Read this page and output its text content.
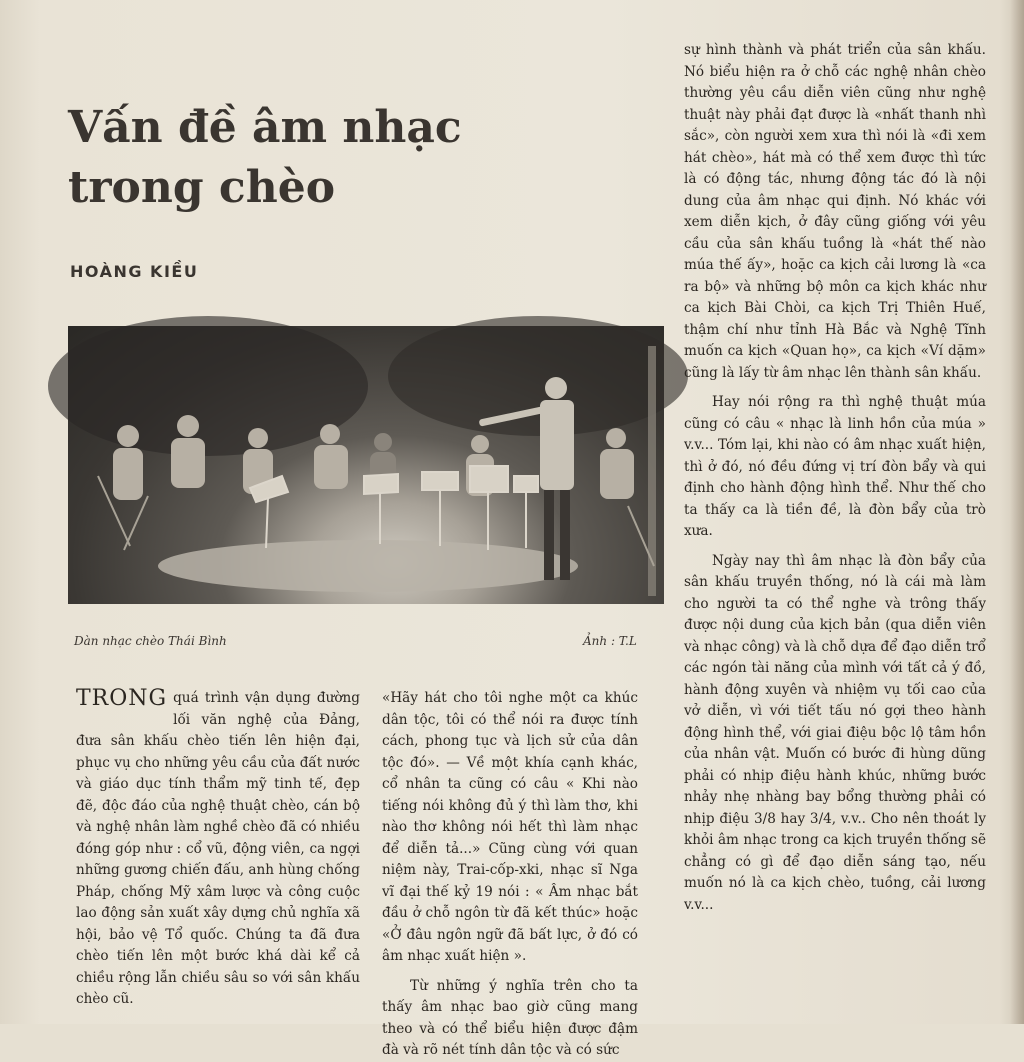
Vấn đề âm nhạc trong chèo
HOÀNG KIỀU
Dàn nhạc chèo Thái Bình	Ảnh : T.L

TRONG quá trình vận dụng đường lối văn nghệ của Đảng, đưa sân khấu chèo tiến lên hiện đại, phục vụ cho những yêu cầu của đất nước và giáo dục tính thẩm mỹ tinh tế, đẹp đẽ, độc đáo của nghệ thuật chèo, cán bộ và nghệ nhân làm nghề chèo đã có nhiều đóng góp như : cổ vũ, động viên, ca ngợi những gương chiến đấu, anh hùng chống Pháp, chống Mỹ xâm lược và công cuộc lao động sản xuất xây dựng chủ nghĩa xã hội, bảo vệ Tổ quốc. Chúng ta đã đưa chèo tiến lên một bước khá dài kể cả chiều rộng lẫn chiều sâu so với sân khấu chèo cũ.

«Hãy hát cho tôi nghe một ca khúc dân tộc, tôi có thể nói ra được tính cách, phong tục và lịch sử của dân tộc đó». — Về một khía cạnh khác, cổ nhân ta cũng có câu « Khi nào tiếng nói không đủ ý thì làm thơ, khi nào thơ không nói hết thì làm nhạc để diễn tả...» Cũng cùng với quan niệm này, Trai-cốp-xki, nhạc sĩ Nga vĩ đại thế kỷ 19 nói : « Âm nhạc bắt đầu ở chỗ ngôn từ đã kết thúc» hoặc «Ở đâu ngôn ngữ đã bất lực, ở đó có âm nhạc xuất hiện ».

Từ những ý nghĩa trên cho ta thấy âm nhạc bao giờ cũng mang theo và có thể biểu hiện được đậm đà và rõ nét tính dân tộc và có sức

sự hình thành và phát triển của sân khấu. Nó biểu hiện ra ở chỗ các nghệ nhân chèo thường yêu cầu diễn viên cũng như nghệ thuật này phải đạt được là «nhất thanh nhì sắc», còn người xem xưa thì nói là «đi xem hát chèo», hát mà có thể xem được thì tức là có động tác, nhưng động tác đó là nội dung của âm nhạc qui định. Nó khác với xem diễn kịch, ở đây cũng giống với yêu cầu của sân khấu tuồng là «hát thế nào múa thế ấy», hoặc ca kịch cải lương là «ca ra bộ» và những bộ môn ca kịch khác như ca kịch Bài Chòi, ca kịch Trị Thiên Huế, thậm chí như tỉnh Hà Bắc và Nghệ Tĩnh muốn ca kịch «Quan họ», ca kịch «Ví dặm» cũng là lấy từ âm nhạc lên thành sân khấu.

Hay nói rộng ra thì nghệ thuật múa cũng có câu « nhạc là linh hồn của múa » v.v... Tóm lại, khi nào có âm nhạc xuất hiện, thì ở đó, nó đều đứng vị trí đòn bẩy và qui định cho hành động hình thể. Như thế cho ta thấy ca là tiền đề, là đòn bẩy của trò xưa.

Ngày nay thì âm nhạc là đòn bẩy của sân khấu truyền thống, nó là cái mà làm cho người ta có thể nghe và trông thấy được nội dung của kịch bản (qua diễn viên và nhạc công) và là chỗ dựa để đạo diễn trổ các ngón tài năng của mình với tất cả ý đồ, hành động xuyên và nhiệm vụ tối cao của vở diễn, vì với tiết tấu nó gợi theo hành động hình thể, với giai điệu bộc lộ tâm hồn của nhân vật. Muốn có bước đi hùng dũng phải có nhịp điệu hành khúc, những bước nhảy nhẹ nhàng bay bổng thường phải có nhịp điệu 3/8 hay 3/4, v.v.. Cho nên thoát ly khỏi âm nhạc trong ca kịch truyền thống sẽ chẳng có gì để đạo diễn sáng tạo, nếu muốn nó là ca kịch chèo, tuồng, cải lương v.v...
